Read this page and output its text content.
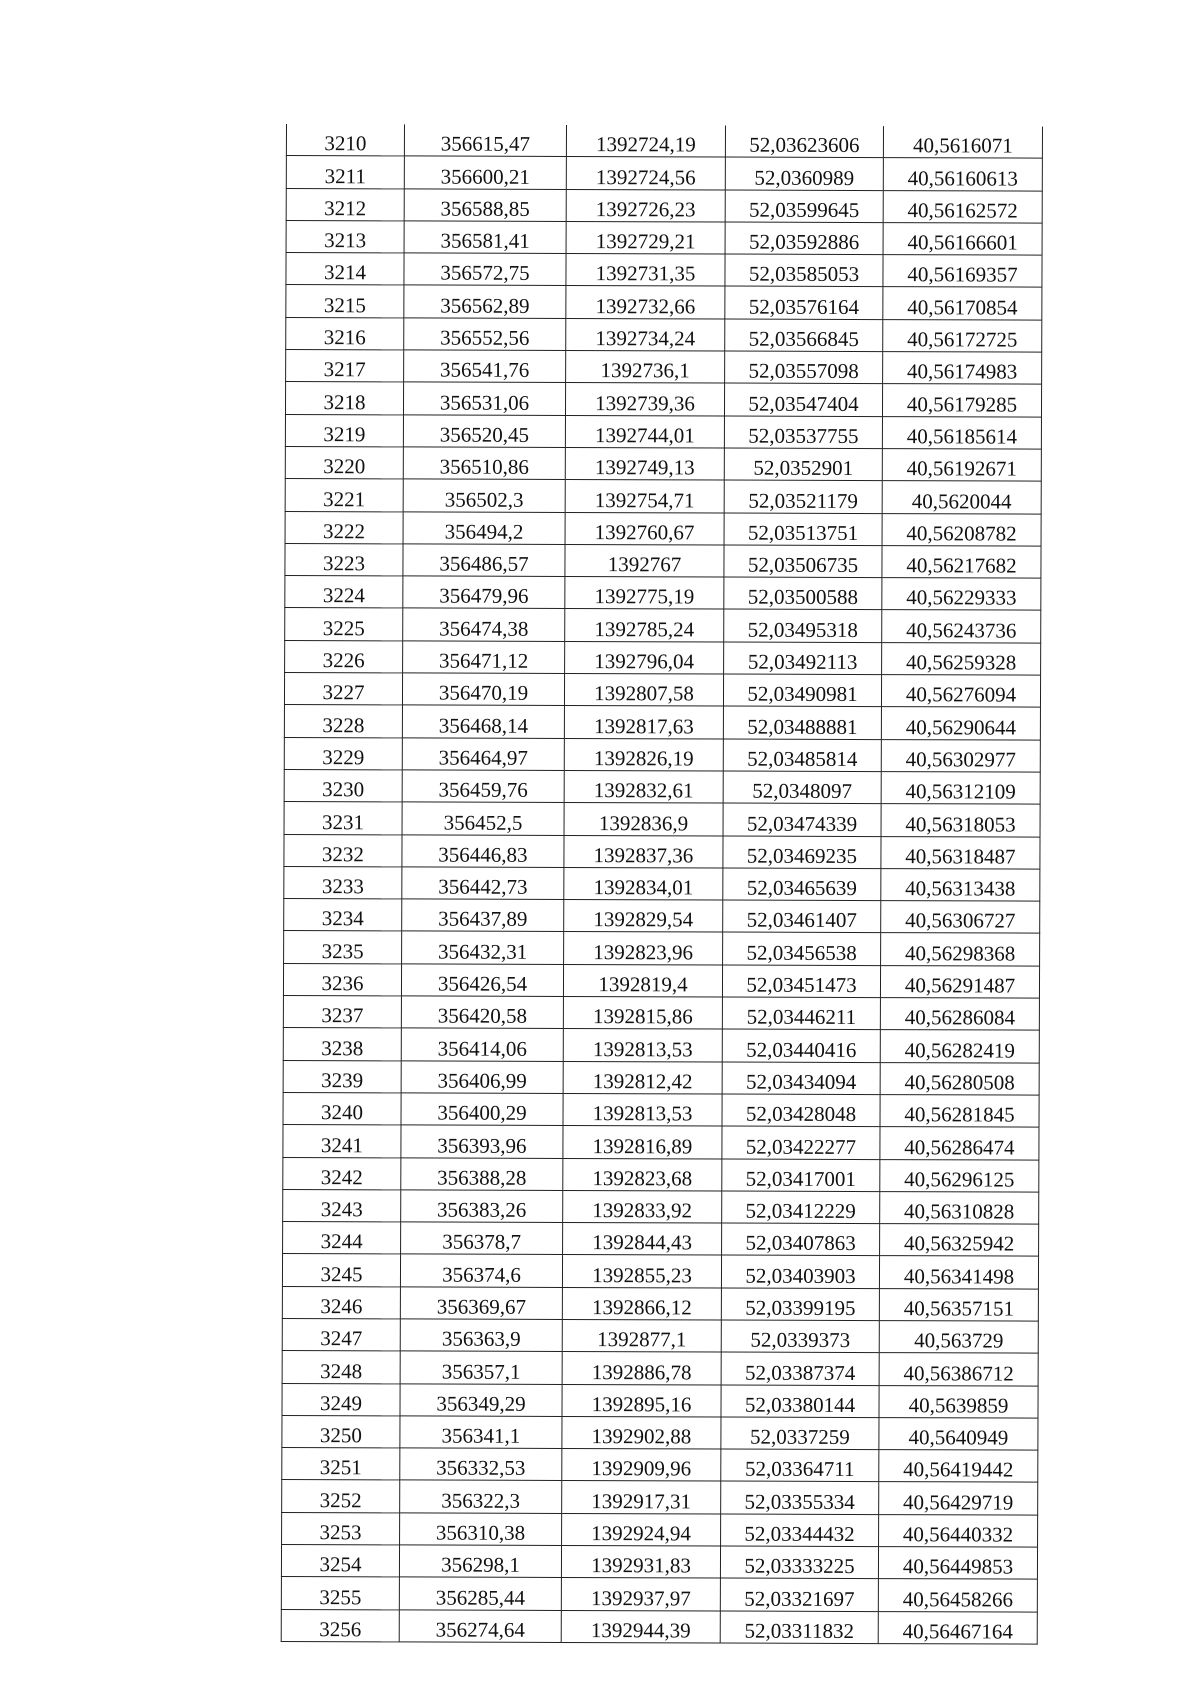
3210	356615,47	1392724,19	52,03623606	40,5616071
3211	356600,21	1392724,56	52,0360989	40,56160613
3212	356588,85	1392726,23	52,03599645	40,56162572
3213	356581,41	1392729,21	52,03592886	40,56166601
3214	356572,75	1392731,35	52,03585053	40,56169357
3215	356562,89	1392732,66	52,03576164	40,56170854
3216	356552,56	1392734,24	52,03566845	40,56172725
3217	356541,76	1392736,1	52,03557098	40,56174983
3218	356531,06	1392739,36	52,03547404	40,56179285
3219	356520,45	1392744,01	52,03537755	40,56185614
3220	356510,86	1392749,13	52,0352901	40,56192671
3221	356502,3	1392754,71	52,03521179	40,5620044
3222	356494,2	1392760,67	52,03513751	40,56208782
3223	356486,57	1392767	52,03506735	40,56217682
3224	356479,96	1392775,19	52,03500588	40,56229333
3225	356474,38	1392785,24	52,03495318	40,56243736
3226	356471,12	1392796,04	52,03492113	40,56259328
3227	356470,19	1392807,58	52,03490981	40,56276094
3228	356468,14	1392817,63	52,03488881	40,56290644
3229	356464,97	1392826,19	52,03485814	40,56302977
3230	356459,76	1392832,61	52,0348097	40,56312109
3231	356452,5	1392836,9	52,03474339	40,56318053
3232	356446,83	1392837,36	52,03469235	40,56318487
3233	356442,73	1392834,01	52,03465639	40,56313438
3234	356437,89	1392829,54	52,03461407	40,56306727
3235	356432,31	1392823,96	52,03456538	40,56298368
3236	356426,54	1392819,4	52,03451473	40,56291487
3237	356420,58	1392815,86	52,03446211	40,56286084
3238	356414,06	1392813,53	52,03440416	40,56282419
3239	356406,99	1392812,42	52,03434094	40,56280508
3240	356400,29	1392813,53	52,03428048	40,56281845
3241	356393,96	1392816,89	52,03422277	40,56286474
3242	356388,28	1392823,68	52,03417001	40,56296125
3243	356383,26	1392833,92	52,03412229	40,56310828
3244	356378,7	1392844,43	52,03407863	40,56325942
3245	356374,6	1392855,23	52,03403903	40,56341498
3246	356369,67	1392866,12	52,03399195	40,56357151
3247	356363,9	1392877,1	52,0339373	40,563729
3248	356357,1	1392886,78	52,03387374	40,56386712
3249	356349,29	1392895,16	52,03380144	40,5639859
3250	356341,1	1392902,88	52,0337259	40,5640949
3251	356332,53	1392909,96	52,03364711	40,56419442
3252	356322,3	1392917,31	52,03355334	40,56429719
3253	356310,38	1392924,94	52,03344432	40,56440332
3254	356298,1	1392931,83	52,03333225	40,56449853
3255	356285,44	1392937,97	52,03321697	40,56458266
3256	356274,64	1392944,39	52,03311832	40,56467164
